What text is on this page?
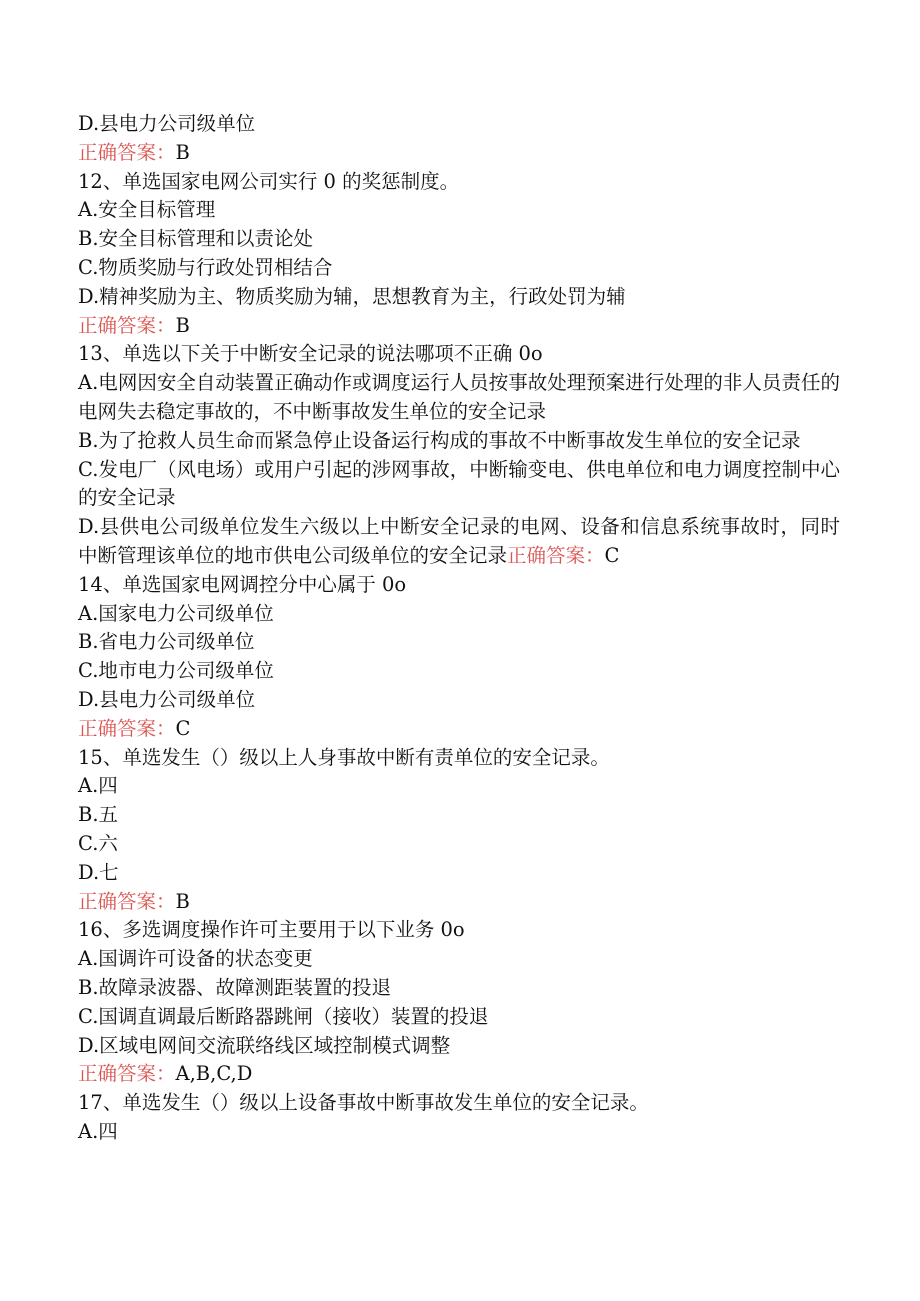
D.县电力公司级单位
正确答案：B
12、单选国家电网公司实行 0 的奖惩制度。
A.安全目标管理
B.安全目标管理和以责论处
C.物质奖励与行政处罚相结合
D.精神奖励为主、物质奖励为辅，思想教育为主，行政处罚为辅
正确答案：B
13、单选以下关于中断安全记录的说法哪项不正确 0o
A.电网因安全自动装置正确动作或调度运行人员按事故处理预案进行处理的非人员责任的电网失去稳定事故的，不中断事故发生单位的安全记录
B.为了抢救人员生命而紧急停止设备运行构成的事故不中断事故发生单位的安全记录
C.发电厂（风电场）或用户引起的涉网事故，中断输变电、供电单位和电力调度控制中心的安全记录
D.县供电公司级单位发生六级以上中断安全记录的电网、设备和信息系统事故时，同时中断管理该单位的地市供电公司级单位的安全记录正确答案：C
14、单选国家电网调控分中心属于 0o
A.国家电力公司级单位
B.省电力公司级单位
C.地市电力公司级单位
D.县电力公司级单位
正确答案：C
15、单选发生（）级以上人身事故中断有责单位的安全记录。
A.四
B.五
C.六
D.七
正确答案：B
16、多选调度操作许可主要用于以下业务 0o
A.国调许可设备的状态变更
B.故障录波器、故障测距装置的投退
C.国调直调最后断路器跳闸（接收）装置的投退
D.区域电网间交流联络线区域控制模式调整
正确答案：A,B,C,D
17、单选发生（）级以上设备事故中断事故发生单位的安全记录。
A.四
